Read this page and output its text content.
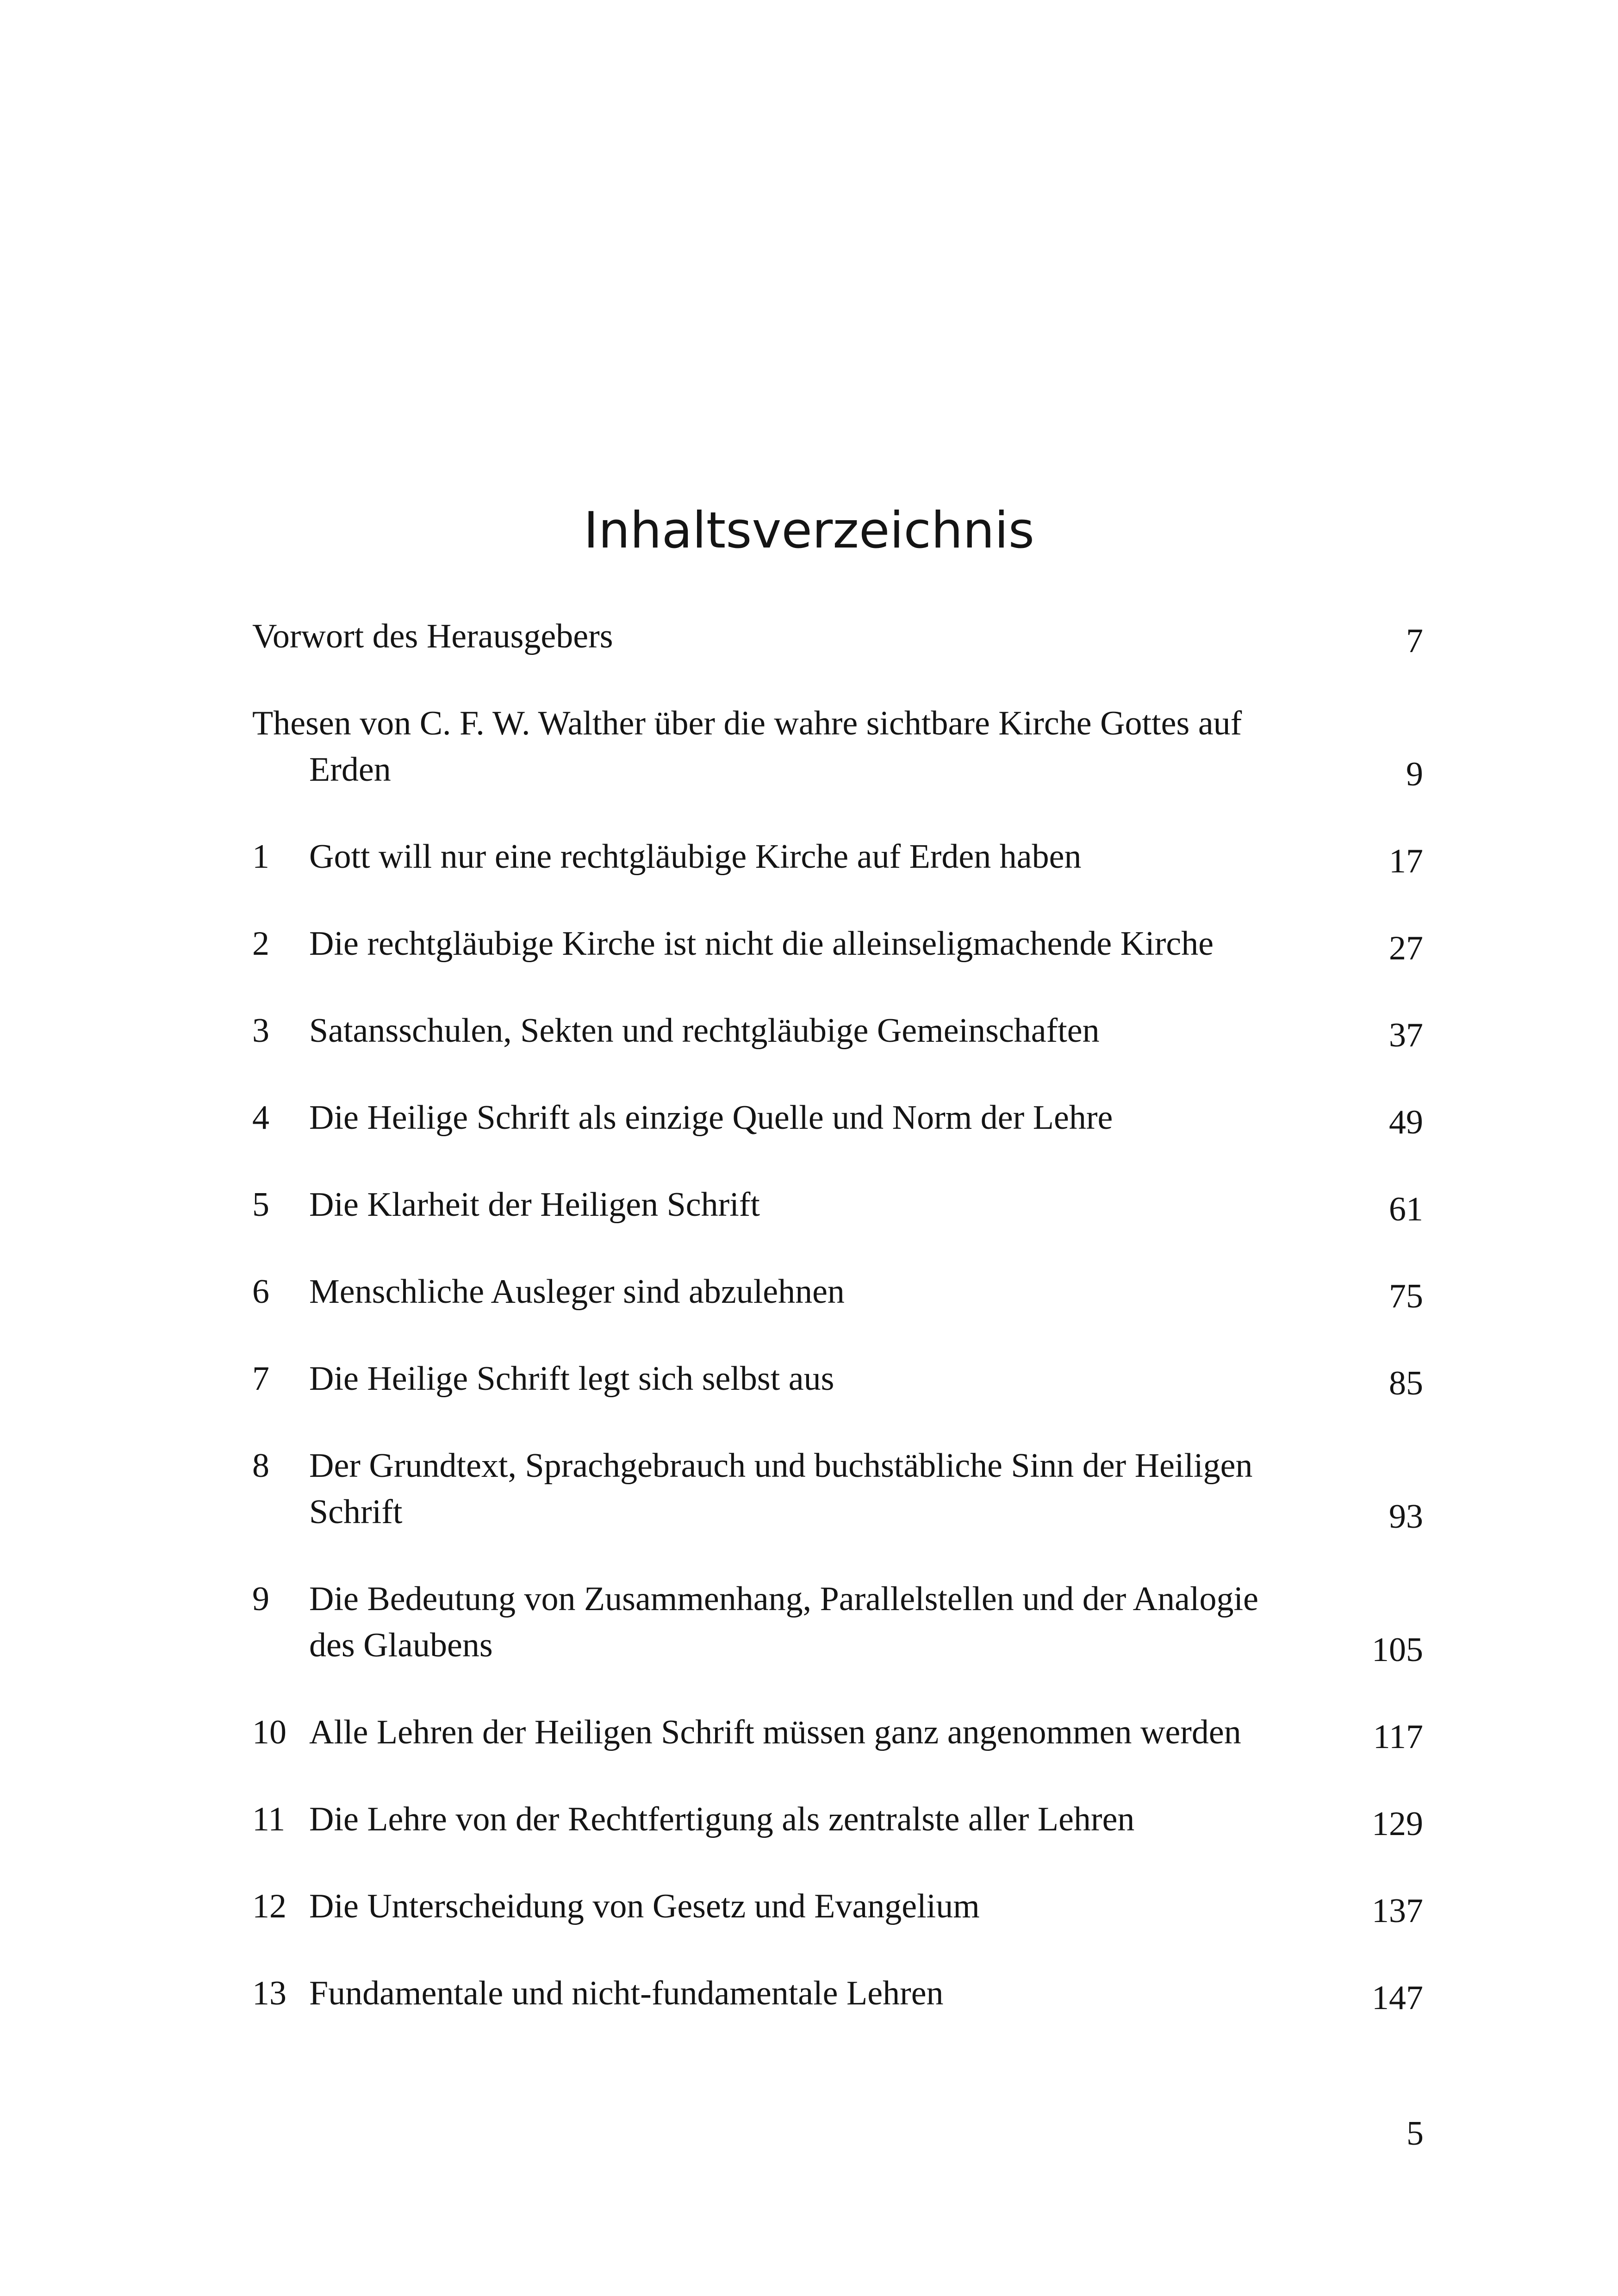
Inhaltsverzeichnis
Vorwort des Herausgebers	7
Thesen von C. F. W. Walther über die wahre sichtbare Kirche Gottes auf Erden	9
1	Gott will nur eine rechtgläubige Kirche auf Erden haben	17
2	Die rechtgläubige Kirche ist nicht die alleinseligmachende Kirche	27
3	Satansschulen, Sekten und rechtgläubige Gemeinschaften	37
4	Die Heilige Schrift als einzige Quelle und Norm der Lehre	49
5	Die Klarheit der Heiligen Schrift	61
6	Menschliche Ausleger sind abzulehnen	75
7	Die Heilige Schrift legt sich selbst aus	85
8	Der Grundtext, Sprachgebrauch und buchstäbliche Sinn der Heiligen Schrift	93
9	Die Bedeutung von Zusammenhang, Parallelstellen und der Analogie des Glaubens	105
10 Alle Lehren der Heiligen Schrift müssen ganz angenommen werden	117
11 Die Lehre von der Rechtfertigung als zentralste aller Lehren	129
12 Die Unterscheidung von Gesetz und Evangelium	137
13 Fundamentale und nicht-fundamentale Lehren	147
5
